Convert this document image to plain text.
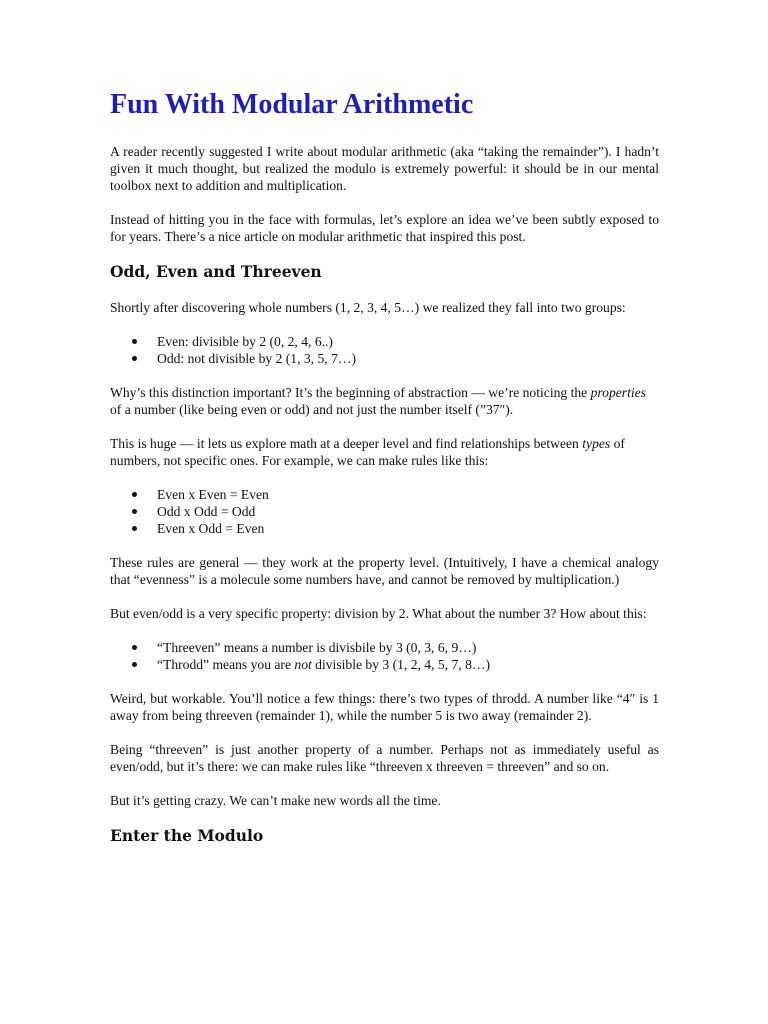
Fun With Modular Arithmetic

A reader recently suggested I write about modular arithmetic (aka “taking the remainder”). I hadn’t given it much thought, but realized the modulo is extremely powerful: it should be in our mental toolbox next to addition and multiplication.

Instead of hitting you in the face with formulas, let’s explore an idea we’ve been subtly exposed to for years. There’s a nice article on modular arithmetic that inspired this post.

Odd, Even and Threeven

Shortly after discovering whole numbers (1, 2, 3, 4, 5…) we realized they fall into two groups:

Even: divisible by 2 (0, 2, 4, 6..)
Odd: not divisible by 2 (1, 3, 5, 7…)

Why’s this distinction important? It’s the beginning of abstraction — we’re noticing the properties of a number (like being even or odd) and not just the number itself (”37″).

This is huge — it lets us explore math at a deeper level and find relationships between types of numbers, not specific ones. For example, we can make rules like this:

Even x Even = Even
Odd x Odd = Odd
Even x Odd = Even

These rules are general — they work at the property level. (Intuitively, I have a chemical analogy that “evenness” is a molecule some numbers have, and cannot be removed by multiplication.)

But even/odd is a very specific property: division by 2. What about the number 3? How about this:

“Threeven” means a number is divisbile by 3 (0, 3, 6, 9…)
“Throdd” means you are not divisible by 3 (1, 2, 4, 5, 7, 8…)

Weird, but workable. You’ll notice a few things: there’s two types of throdd. A number like “4″ is 1 away from being threeven (remainder 1), while the number 5 is two away (remainder 2).

Being “threeven” is just another property of a number. Perhaps not as immediately useful as even/odd, but it’s there: we can make rules like “threeven x threeven = threeven” and so on.

But it’s getting crazy. We can’t make new words all the time.

Enter the Modulo
